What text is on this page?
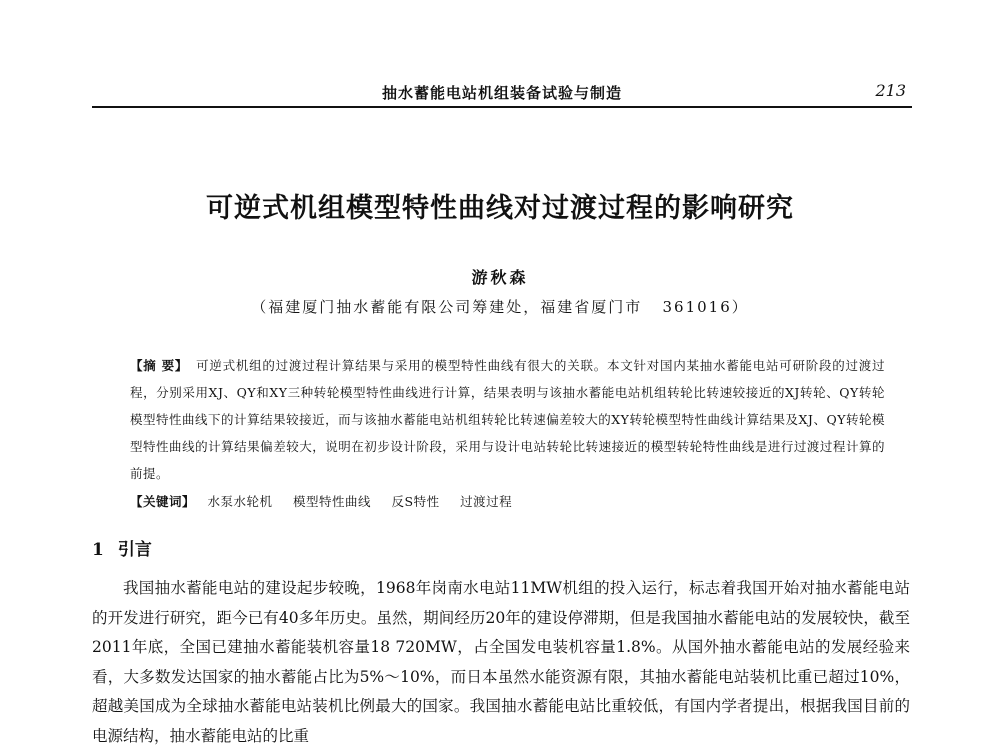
抽水蓄能电站机组装备试验与制造	213
可逆式机组模型特性曲线对过渡过程的影响研究
游秋森
（福建厦门抽水蓄能有限公司筹建处，福建省厦门市   361016）
【摘 要】 可逆式机组的过渡过程计算结果与采用的模型特性曲线有很大的关联。本文针对国内某抽水蓄能电站可研阶段的过渡过程，分别采用XJ、QY和XY三种转轮模型特性曲线进行计算，结果表明与该抽水蓄能电站机组转轮比转速较接近的XJ转轮、QY转轮模型特性曲线下的计算结果较接近，而与该抽水蓄能电站机组转轮比转速偏差较大的XY转轮模型特性曲线计算结果及XJ、QY转轮模型特性曲线的计算结果偏差较大，说明在初步设计阶段，采用与设计电站转轮比转速接近的模型转轮特性曲线是进行过渡过程计算的前提。
【关键词】 水泵水轮机 模型特性曲线 反S特性 过渡过程
1 引言

我国抽水蓄能电站的建设起步较晚，1968年岗南水电站11MW机组的投入运行，标志着我国开始对抽水蓄能电站的开发进行研究，距今已有40多年历史。虽然，期间经历20年的建设停滞期，但是我国抽水蓄能电站的发展较快，截至2011年底，全国已建抽水蓄能装机容量18 720MW，占全国发电装机容量1.8%。从国外抽水蓄能电站的发展经验来看，大多数发达国家的抽水蓄能占比为5%～10%，而日本虽然水能资源有限，其抽水蓄能电站装机比重已超过10%，超越美国成为全球抽水蓄能电站装机比例最大的国家。我国抽水蓄能电站比重较低，有国内学者提出，根据我国目前的电源结构，抽水蓄能电站的比重
